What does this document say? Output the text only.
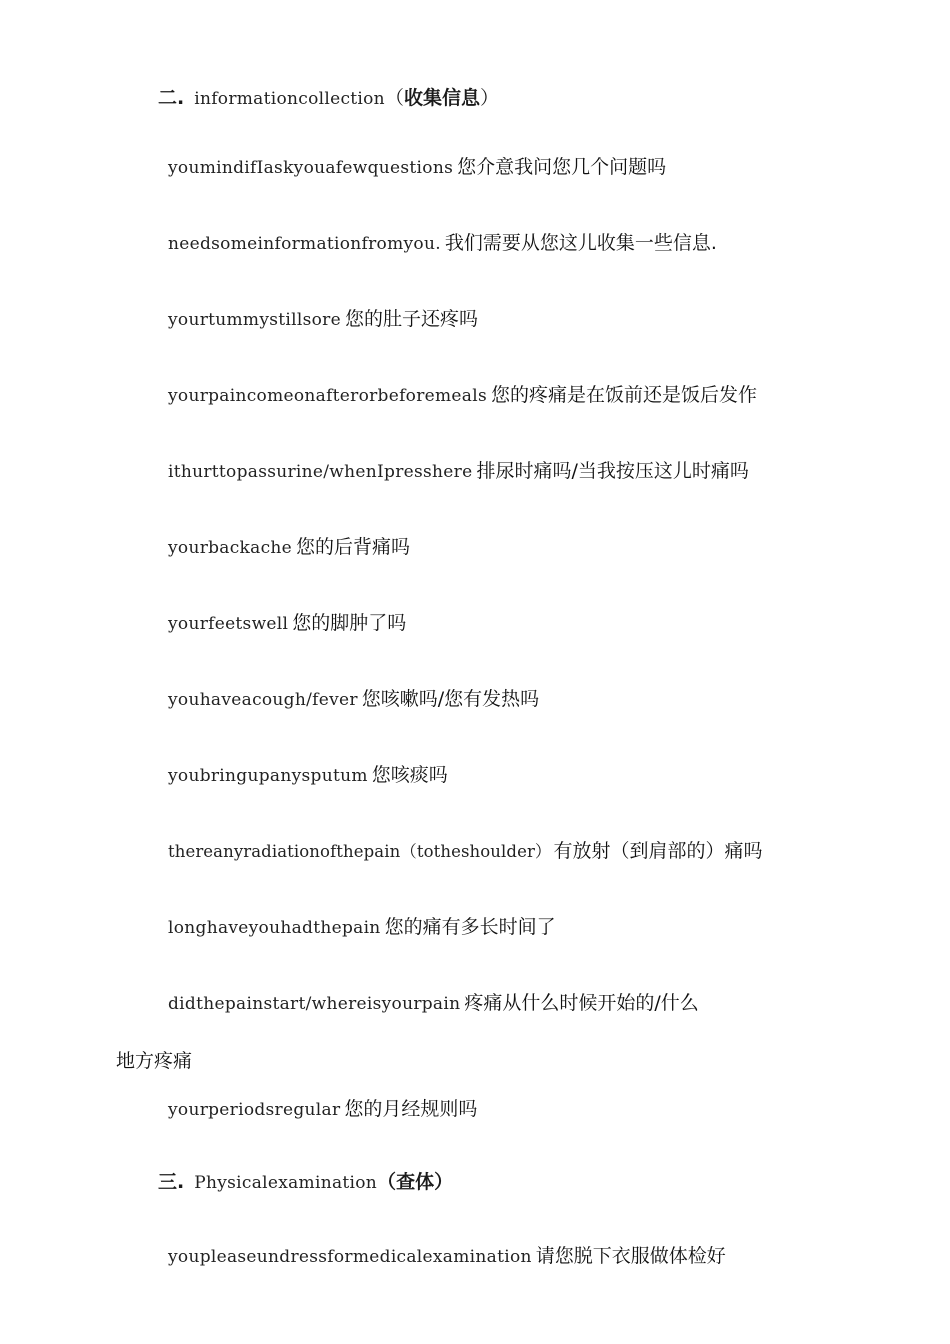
二. informationcollection（收集信息）
youmindifIaskyouafewquestions 您介意我问您几个问题吗
needsomeinformationfromyou. 我们需要从您这儿收集一些信息.
yourtummystillsore 您的肚子还疼吗
yourpaincomeonafterorbeforemeals 您的疼痛是在饭前还是饭后发作
ithurttopassurine/whenIpresshere 排尿时痛吗/当我按压这儿时痛吗
yourbackache 您的后背痛吗
yourfeetswell 您的脚肿了吗
youhaveacough/fever 您咳嗽吗/您有发热吗
youbringupanysputum 您咳痰吗
thereanyradiationofthepain（totheshoulder） 有放射（到肩部的）痛吗
longhaveyouhadthepain 您的痛有多长时间了
didthepainstart/whereisyourpain 疼痛从什么时候开始的/什么
地方疼痛
yourperiodsregular 您的月经规则吗
三. Physicalexamination（查体）
youpleaseundressformedicalexamination 请您脱下衣服做体检好
